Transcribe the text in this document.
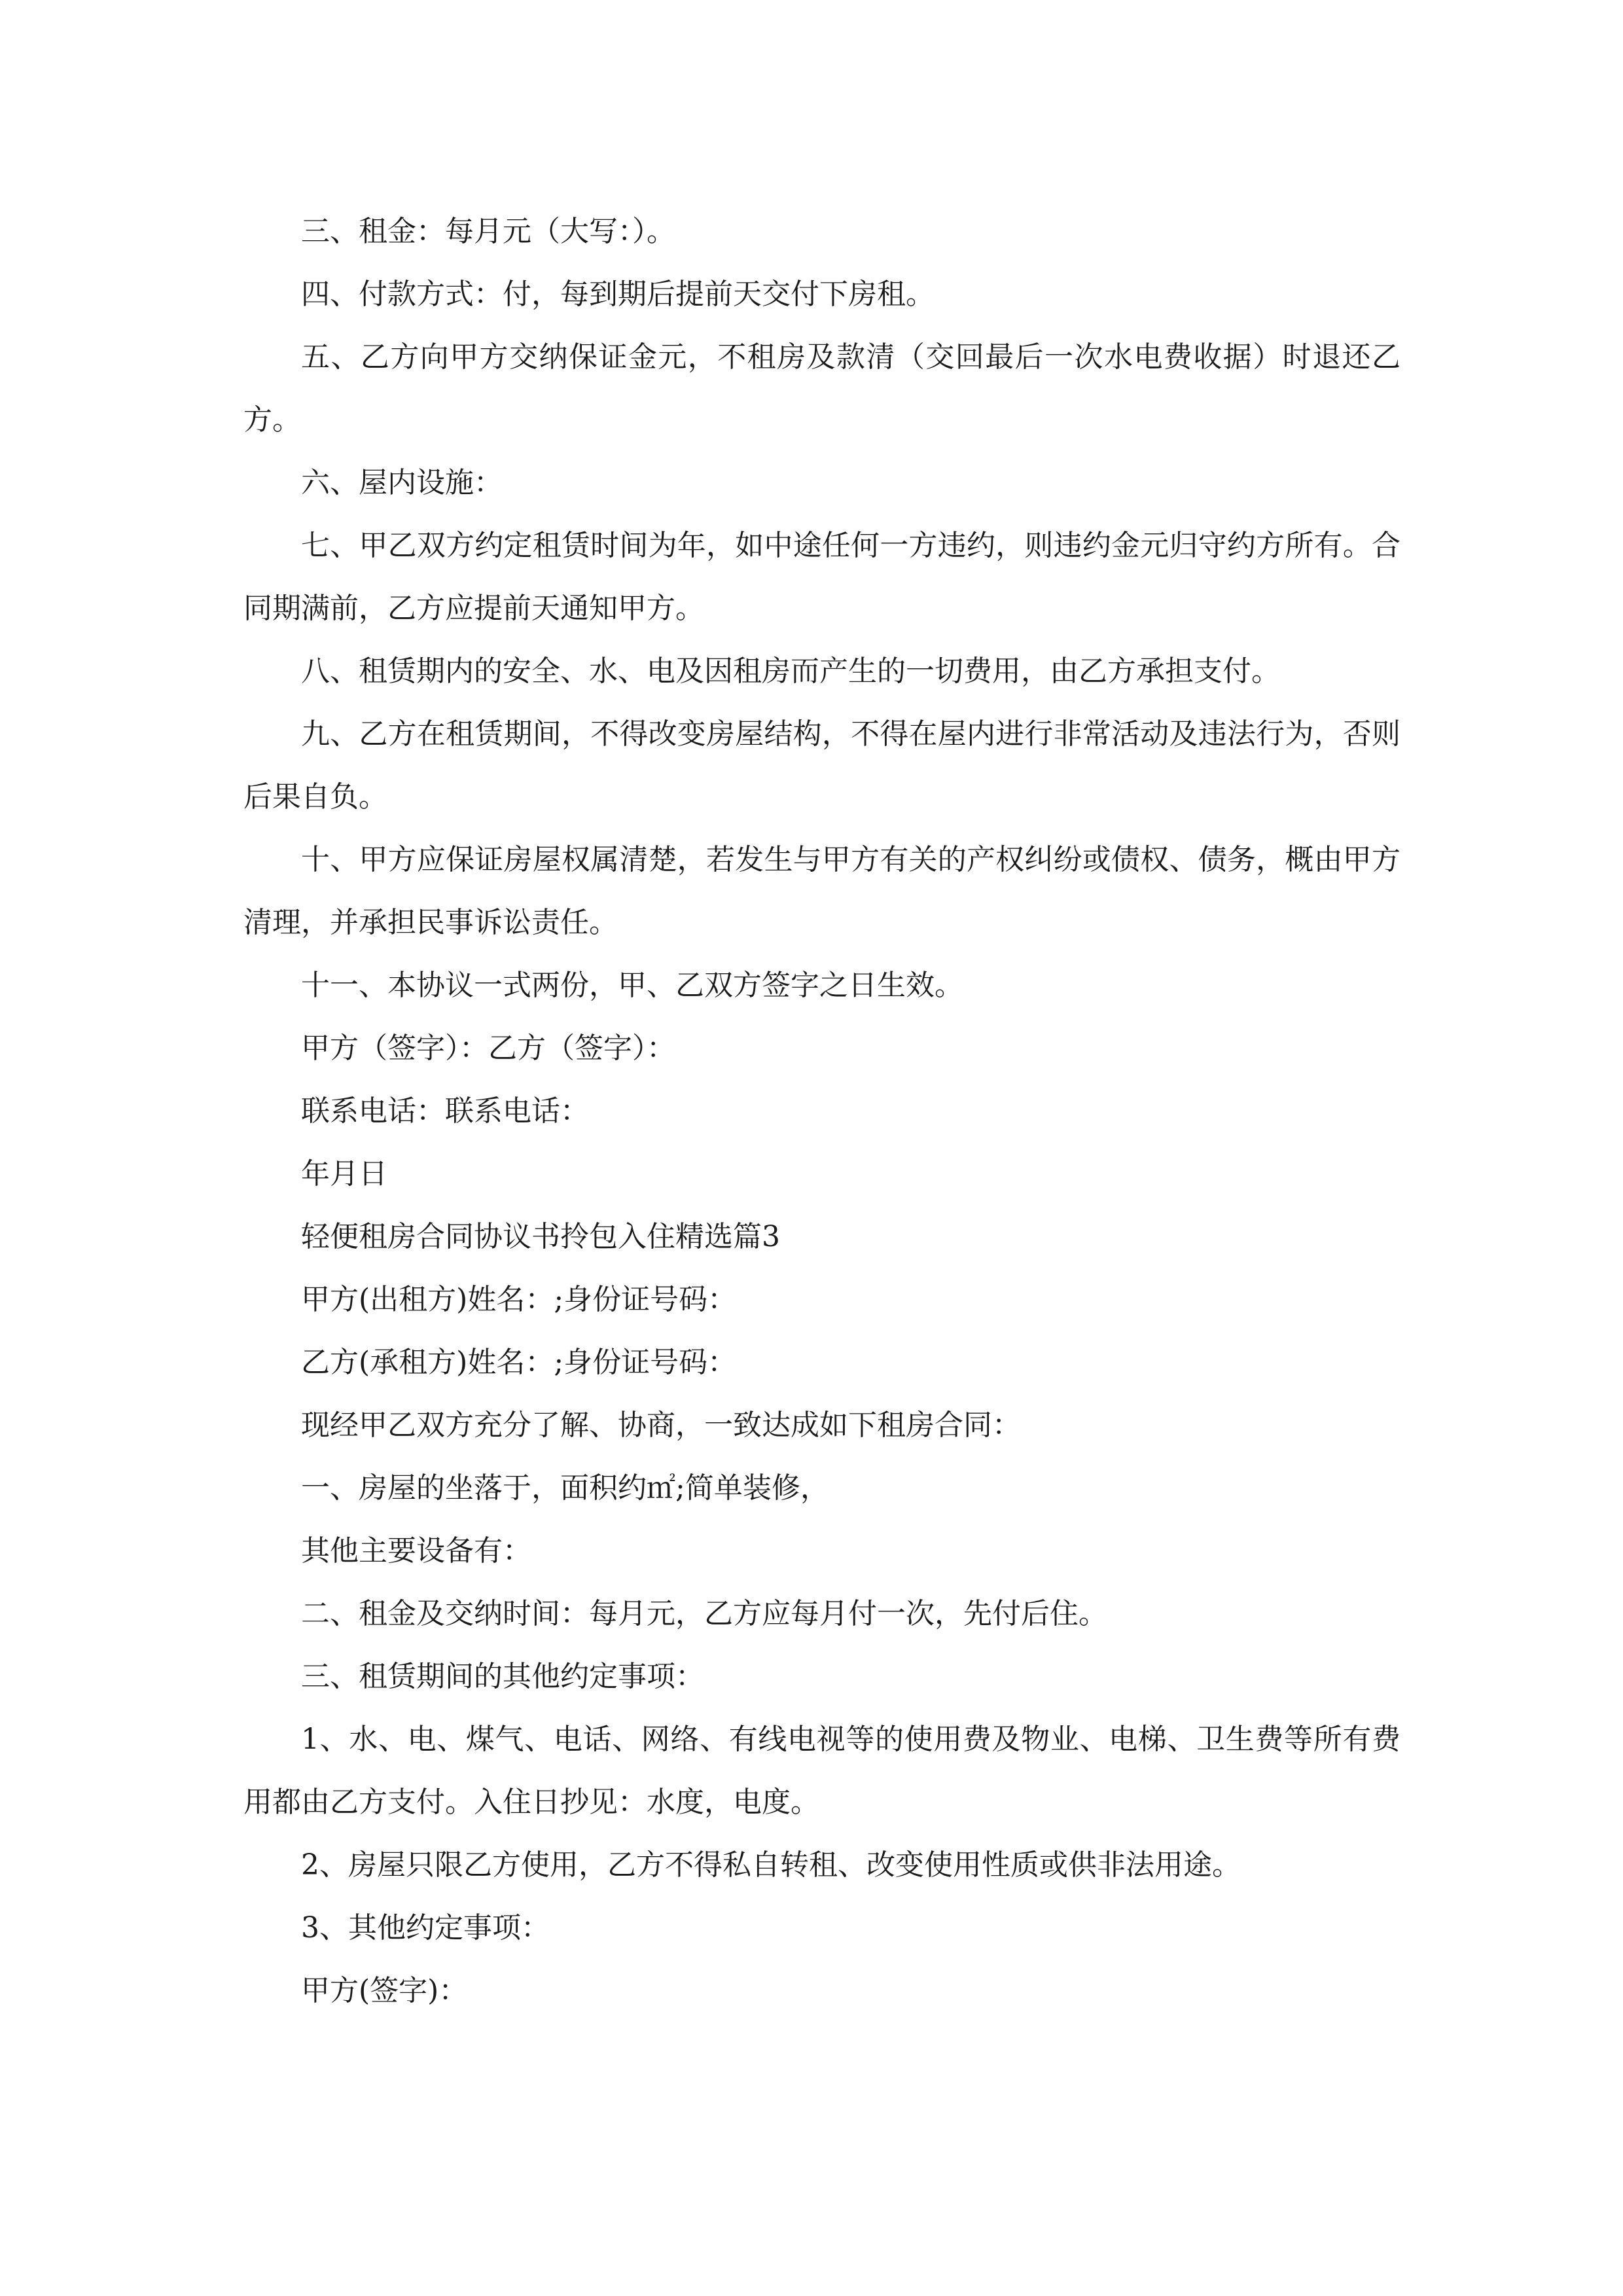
三、租金：每月元（大写：）。

四、付款方式：付，每到期后提前天交付下房租。

五、乙方向甲方交纳保证金元，不租房及款清（交回最后一次水电费收据）时退还乙方。

六、屋内设施：

七、甲乙双方约定租赁时间为年，如中途任何一方违约，则违约金元归守约方所有。合同期满前，乙方应提前天通知甲方。

八、租赁期内的安全、水、电及因租房而产生的一切费用，由乙方承担支付。

九、乙方在租赁期间，不得改变房屋结构，不得在屋内进行非常活动及违法行为，否则后果自负。

十、甲方应保证房屋权属清楚，若发生与甲方有关的产权纠纷或债权、债务，概由甲方清理，并承担民事诉讼责任。

十一、本协议一式两份，甲、乙双方签字之日生效。

甲方（签字）：乙方（签字）：

联系电话：联系电话：

年月日

轻便租房合同协议书拎包入住精选篇3

甲方(出租方)姓名：;身份证号码：

乙方(承租方)姓名：;身份证号码：

现经甲乙双方充分了解、协商，一致达成如下租房合同：

一、房屋的坐落于，面积约㎡;简单装修，

其他主要设备有：

二、租金及交纳时间：每月元，乙方应每月付一次，先付后住。

三、租赁期间的其他约定事项：

1、水、电、煤气、电话、网络、有线电视等的使用费及物业、电梯、卫生费等所有费用都由乙方支付。入住日抄见：水度，电度。

2、房屋只限乙方使用，乙方不得私自转租、改变使用性质或供非法用途。

3、其他约定事项：

甲方(签字)：
